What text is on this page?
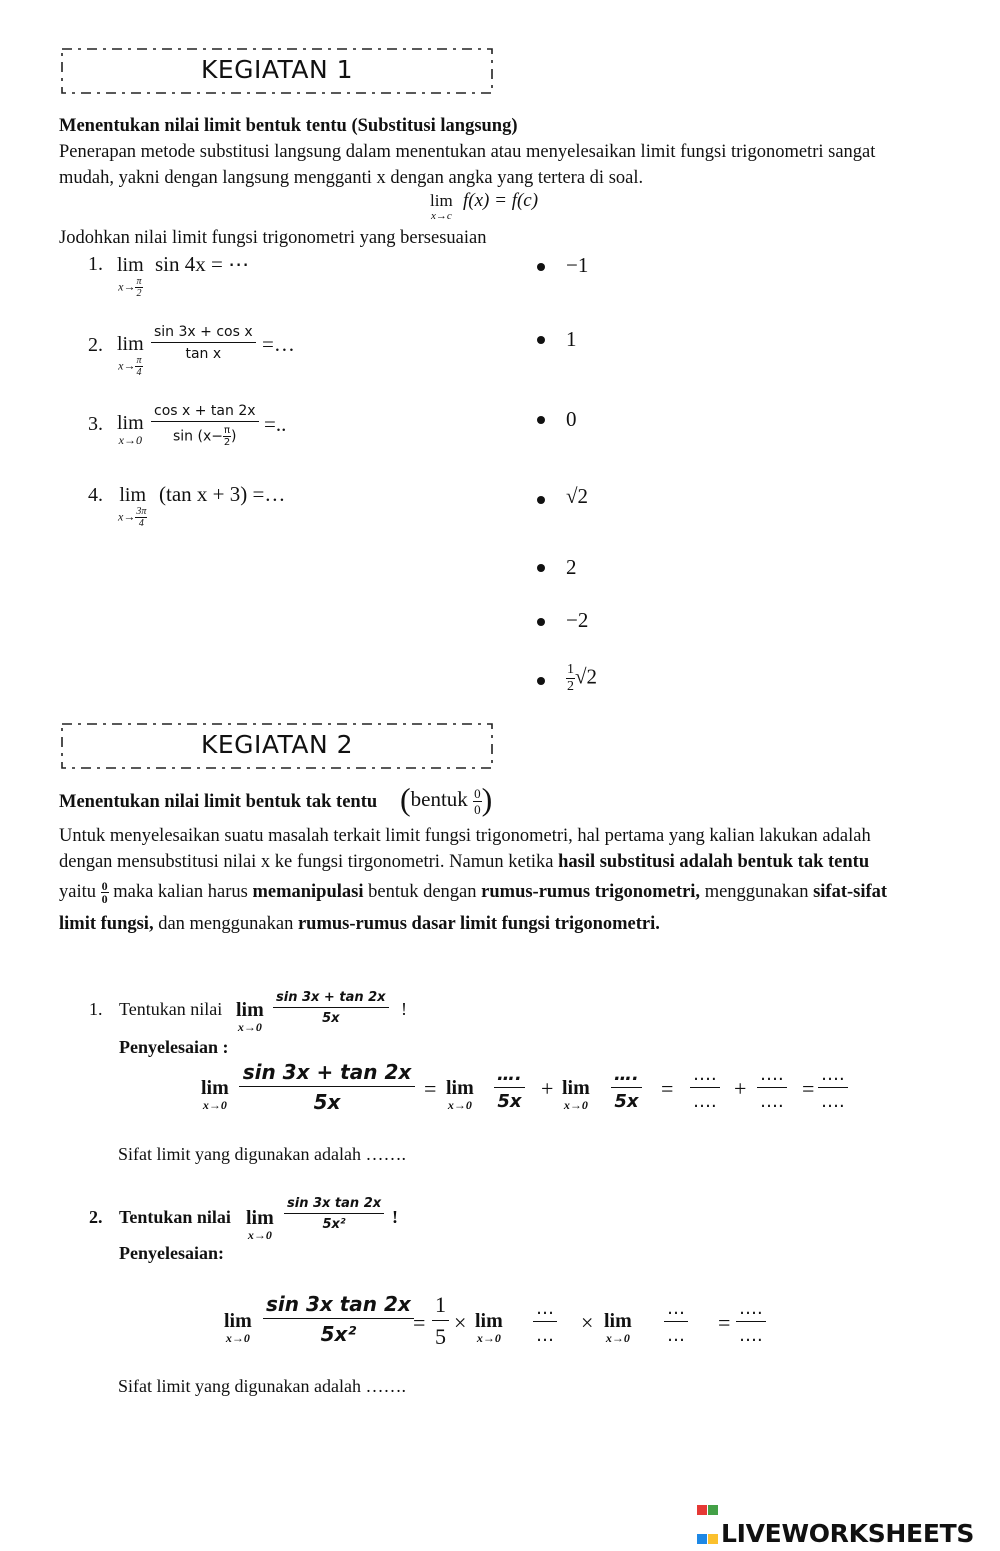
KEGIATAN 1
Menentukan nilai limit bentuk tentu (Substitusi langsung)
Penerapan metode substitusi langsung dalam menentukan atau menyelesaikan limit fungsi trigonometri sangat
mudah, yakni dengan langsung mengganti x dengan angka yang tertera di soal.
lim
x→c
f(x) = f(c)
Jodohkan nilai limit fungsi trigonometri yang bersesuaian
1. lim
$x\to \frac{\pi}{2}$
sin 4x = ⋯
2. lim
$x\to \frac{\pi}{4}$
$\frac{\text{sin 3x + cos x}}{\text{tan x}}$ =…
3. lim
$x\to 0 \frac{\text{cos x + tan 2x}}{\sin (x- \frac{\pi}{2} )}$ =..
4. lim
$x\to \frac{3\pi}{4}$
(tan x + 3) =…
−1
1
0
√2
2
−2
$\frac{1}{2} √2$
KEGIATAN 2
Menentukan nilai limit bentuk tak tentu (bentuk $\frac{0}{0}$ )
Untuk menyelesaikan suatu masalah terkait limit fungsi trigonometri, hal pertama yang kalian lakukan adalah
dengan mensubstitusi nilai x ke fungsi tirgonometri. Namun ketika hasil substitusi adalah bentuk tak tentu
yaitu $\frac{0}{0}$ maka kalian harus memanipulasi bentuk dengan rumus-rumus trigonometri, menggunakan sifat-sifat
limit fungsi, dan menggunakan rumus-rumus dasar limit fungsi trigonometri.
1. Tentukan nilai lim
x→0
$\frac{\sin 3x + \tan 2x}{5x}$ !
Penyelesaian :
lim
$x\to 0 \frac{\sin 3x + \tan 2x}{5x} = \lim$
x→0
….
5x
+ lim
x→0
….
5x
=
….
….
+
….
….
=
….
….
Sifat limit yang digunakan adalah …….
2. Tentukan nilai lim
x→0
$\frac{\text{sin 3x tan 2x}}{\text{5x²}}$ !
Penyelesaian:
lim
$x\to 0 \frac{\text{sin 3x tan 2x}}{\text{5x²}} = \frac{1}{5} \times \lim$
x→0
…
…
× lim
x→0
…
…
=
….
….
Sifat limit yang digunakan adalah …….
LIVEWORKSHEETS
